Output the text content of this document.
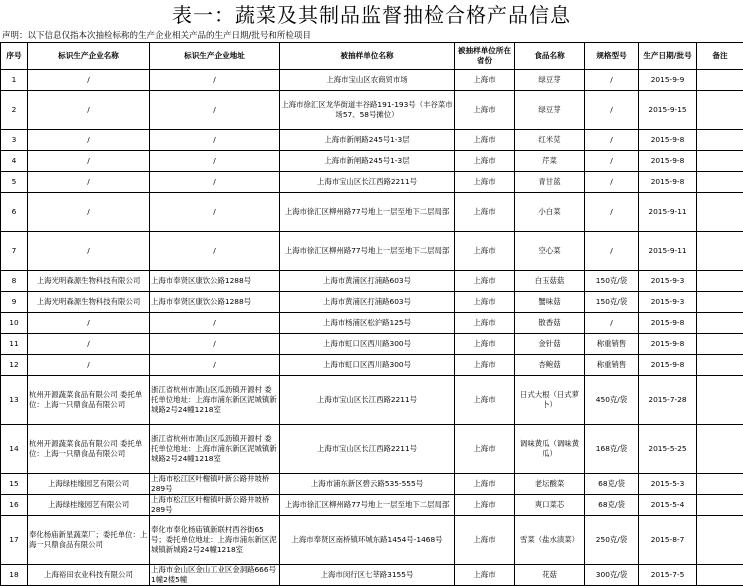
表一：蔬菜及其制品监督抽检合格产品信息
声明：以下信息仅指本次抽检标称的生产企业相关产品的生产日期/批号和所检项目
序号	标识生产企业名称	标识生产企业地址	被抽样单位名称	被抽样单位所在省份	食品名称	规格型号	生产日期/批号	备注
1	/	/	上海市宝山区农商贸市场	上海市	绿豆芽	/	2015-9-9	
2	/	/	上海市徐汇区龙华街道丰谷路191-193号（丰谷菜市场57、58号摊位）	上海市	绿豆芽	/	2015-9-15	
3	/	/	上海市新闸路245号1-3层	上海市	红米苋	/	2015-9-8	
4	/	/	上海市新闸路245号1-3层	上海市	芹菜	/	2015-9-8	
5	/	/	上海市宝山区长江西路2211号	上海市	青甘蓝	/	2015-9-8	
6	/	/	上海市徐汇区柳州路77号地上一层至地下二层局部	上海市	小白菜	/	2015-9-11	
7	/	/	上海市徐汇区柳州路77号地上一层至地下二层局部	上海市	空心菜	/	2015-9-11	
8	上海光明森源生物科技有限公司	上海市奉贤区康饮公路1288号	上海市黄浦区打浦路603号	上海市	白玉菇菇	150克/袋	2015-9-3	
9	上海光明森源生物科技有限公司	上海市奉贤区康饮公路1288号	上海市黄浦区打浦路603号	上海市	蟹味菇	150克/袋	2015-9-3	
10	/	/	上海市杨浦区松沪路125号	上海市	散香菇	/	2015-9-8	
11	/	/	上海市虹口区西川路300号	上海市	金针菇	称重销售	2015-9-8	
12	/	/	上海市虹口区西川路300号	上海市	杏鲍菇	称重销售	2015-9-8	
13	杭州开源蔬菜食品有限公司 委托单位：上海一只鼎食品有限公司	浙江省杭州市萧山区瓜沥镇开源村 委托单位地址：上海市浦东新区泥城镇新城路2号24幢1218室	上海市宝山区长江西路2211号	上海市	日式大根（日式萝卜）	450克/袋	2015-7-28	
14	杭州开源蔬菜食品有限公司 委托单位：上海一只鼎食品有限公司	浙江省杭州市萧山区瓜沥镇开源村 委托单位地址：上海市浦东新区泥城镇新城路2号24幢1218室	上海市宝山区长江西路2211号	上海市	调味黄瓜（调味黄瓜）	168克/袋	2015-5-25	
15	上海绿桂缘园艺有限公司	上海市松江区叶榭镇叶新公路井坡桥289号	上海市浦东新区碧云路535-555号	上海市	老坛酸菜	68克/袋	2015-5-3	
16	上海绿桂缘园艺有限公司	上海市松江区叶榭镇叶新公路井坡桥289号	上海市徐汇区柳州路77号地上一层至地下二层局部	上海市	爽口菜芯	68克/袋	2015-5-4	
17	奉化杨庙新星蔬菜厂；委托单位：上海一只鼎食品有限公司	奉化市奉化杨庙镇新联村西谷街65号；委托单位地址：上海市浦东新区泥城镇新城路2号24幢1218室	上海市奉贤区南桥镇环城东路1454号-1468号	上海市	雪菜（盐水渍菜）	250克/袋	2015-8-7	
18	上海裕田农业科技有限公司	上海市金山区金山工业区金洞路666号1幢2楼5幢	上海市闵行区七莘路3155号	上海市	花菇	300克/袋	2015-7-5	
